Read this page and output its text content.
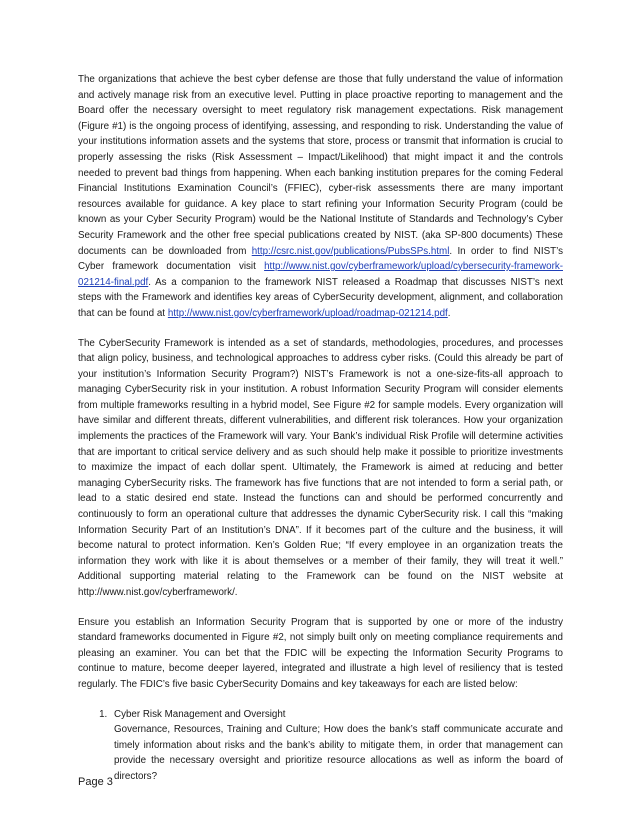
The organizations that achieve the best cyber defense are those that fully understand the value of information and actively manage risk from an executive level. Putting in place proactive reporting to management and the Board offer the necessary oversight to meet regulatory risk management expectations. Risk management (Figure #1) is the ongoing process of identifying, assessing, and responding to risk. Understanding the value of your institutions information assets and the systems that store, process or transmit that information is crucial to properly assessing the risks (Risk Assessment – Impact/Likelihood) that might impact it and the controls needed to prevent bad things from happening. When each banking institution prepares for the coming Federal Financial Institutions Examination Council’s (FFIEC), cyber-risk assessments there are many important resources available for guidance. A key place to start refining your Information Security Program (could be known as your Cyber Security Program) would be the National Institute of Standards and Technology’s Cyber Security Framework and the other free special publications created by NIST. (aka SP-800 documents) These documents can be downloaded from http://csrc.nist.gov/publications/PubsSPs.html. In order to find NIST’s Cyber framework documentation visit http://www.nist.gov/cyberframework/upload/cybersecurity-framework-021214-final.pdf. As a companion to the framework NIST released a Roadmap that discusses NIST’s next steps with the Framework and identifies key areas of CyberSecurity development, alignment, and collaboration that can be found at http://www.nist.gov/cyberframework/upload/roadmap-021214.pdf.

The CyberSecurity Framework is intended as a set of standards, methodologies, procedures, and processes that align policy, business, and technological approaches to address cyber risks. (Could this already be part of your institution’s Information Security Program?) NIST’s Framework is not a one-size-fits-all approach to managing CyberSecurity risk in your institution. A robust Information Security Program will consider elements from multiple frameworks resulting in a hybrid model, See Figure #2 for sample models. Every organization will have similar and different threats, different vulnerabilities, and different risk tolerances. How your organization implements the practices of the Framework will vary. Your Bank’s individual Risk Profile will determine activities that are important to critical service delivery and as such should help make it possible to prioritize investments to maximize the impact of each dollar spent. Ultimately, the Framework is aimed at reducing and better managing CyberSecurity risks. The framework has five functions that are not intended to form a serial path, or lead to a static desired end state. Instead the functions can and should be performed concurrently and continuously to form an operational culture that addresses the dynamic CyberSecurity risk. I call this “making Information Security Part of an Institution’s DNA”. If it becomes part of the culture and the business, it will become natural to protect information. Ken’s Golden Rue; “If every employee in an organization treats the information they work with like it is about themselves or a member of their family, they will treat it well.” Additional supporting material relating to the Framework can be found on the NIST website at http://www.nist.gov/cyberframework/.

Ensure you establish an Information Security Program that is supported by one or more of the industry standard frameworks documented in Figure #2, not simply built only on meeting compliance requirements and pleasing an examiner. You can bet that the FDIC will be expecting the Information Security Programs to continue to mature, become deeper layered, integrated and illustrate a high level of resiliency that is tested regularly. The FDIC’s five basic CyberSecurity Domains and key takeaways for each are listed below:

1. Cyber Risk Management and Oversight
Governance, Resources, Training and Culture; How does the bank’s staff communicate accurate and timely information about risks and the bank’s ability to mitigate them, in order that management can provide the necessary oversight and prioritize resource allocations as well as inform the board of directors?
Page 3
